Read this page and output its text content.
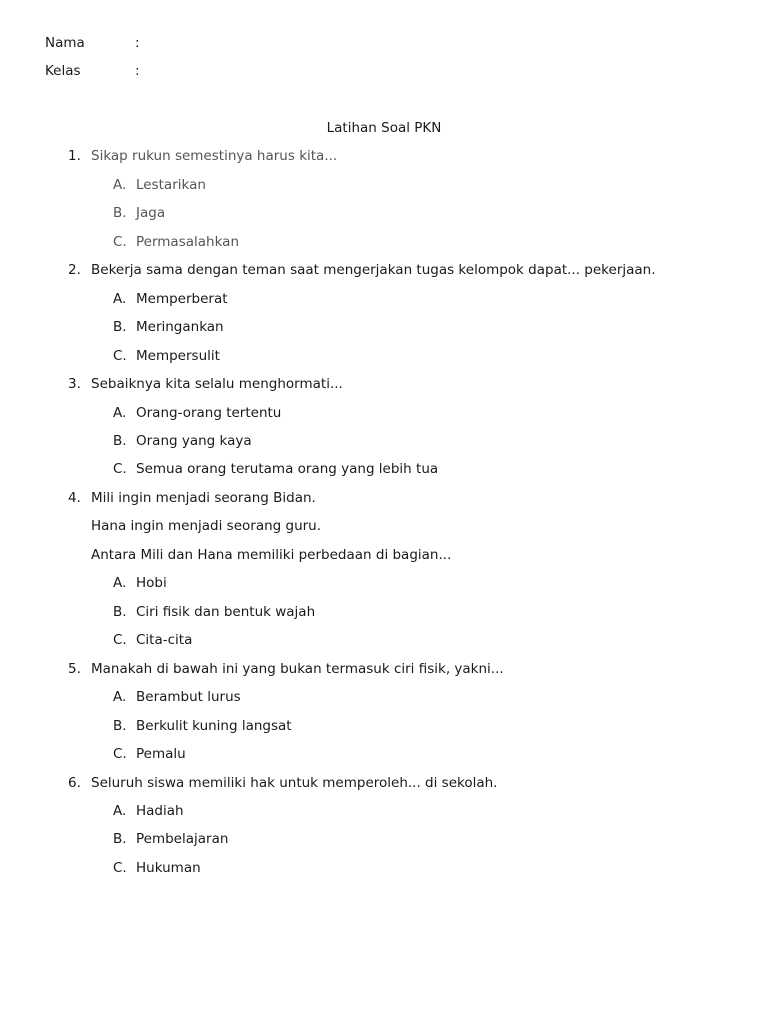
Nama	:
Kelas	:
Latihan Soal PKN
1. Sikap rukun semestinya harus kita...
A. Lestarikan
B. Jaga
C. Permasalahkan
2. Bekerja sama dengan teman saat mengerjakan tugas kelompok dapat... pekerjaan.
A. Memperberat
B. Meringankan
C. Mempersulit
3. Sebaiknya kita selalu menghormati...
A. Orang-orang tertentu
B. Orang yang kaya
C. Semua orang terutama orang yang lebih tua
4. Mili ingin menjadi seorang Bidan.
Hana ingin menjadi seorang guru.
Antara Mili dan Hana memiliki perbedaan di bagian...
A. Hobi
B. Ciri fisik dan bentuk wajah
C. Cita-cita
5. Manakah di bawah ini yang bukan termasuk ciri fisik, yakni...
A. Berambut lurus
B. Berkulit kuning langsat
C. Pemalu
6. Seluruh siswa memiliki hak untuk memperoleh... di sekolah.
A. Hadiah
B. Pembelajaran
C. Hukuman
